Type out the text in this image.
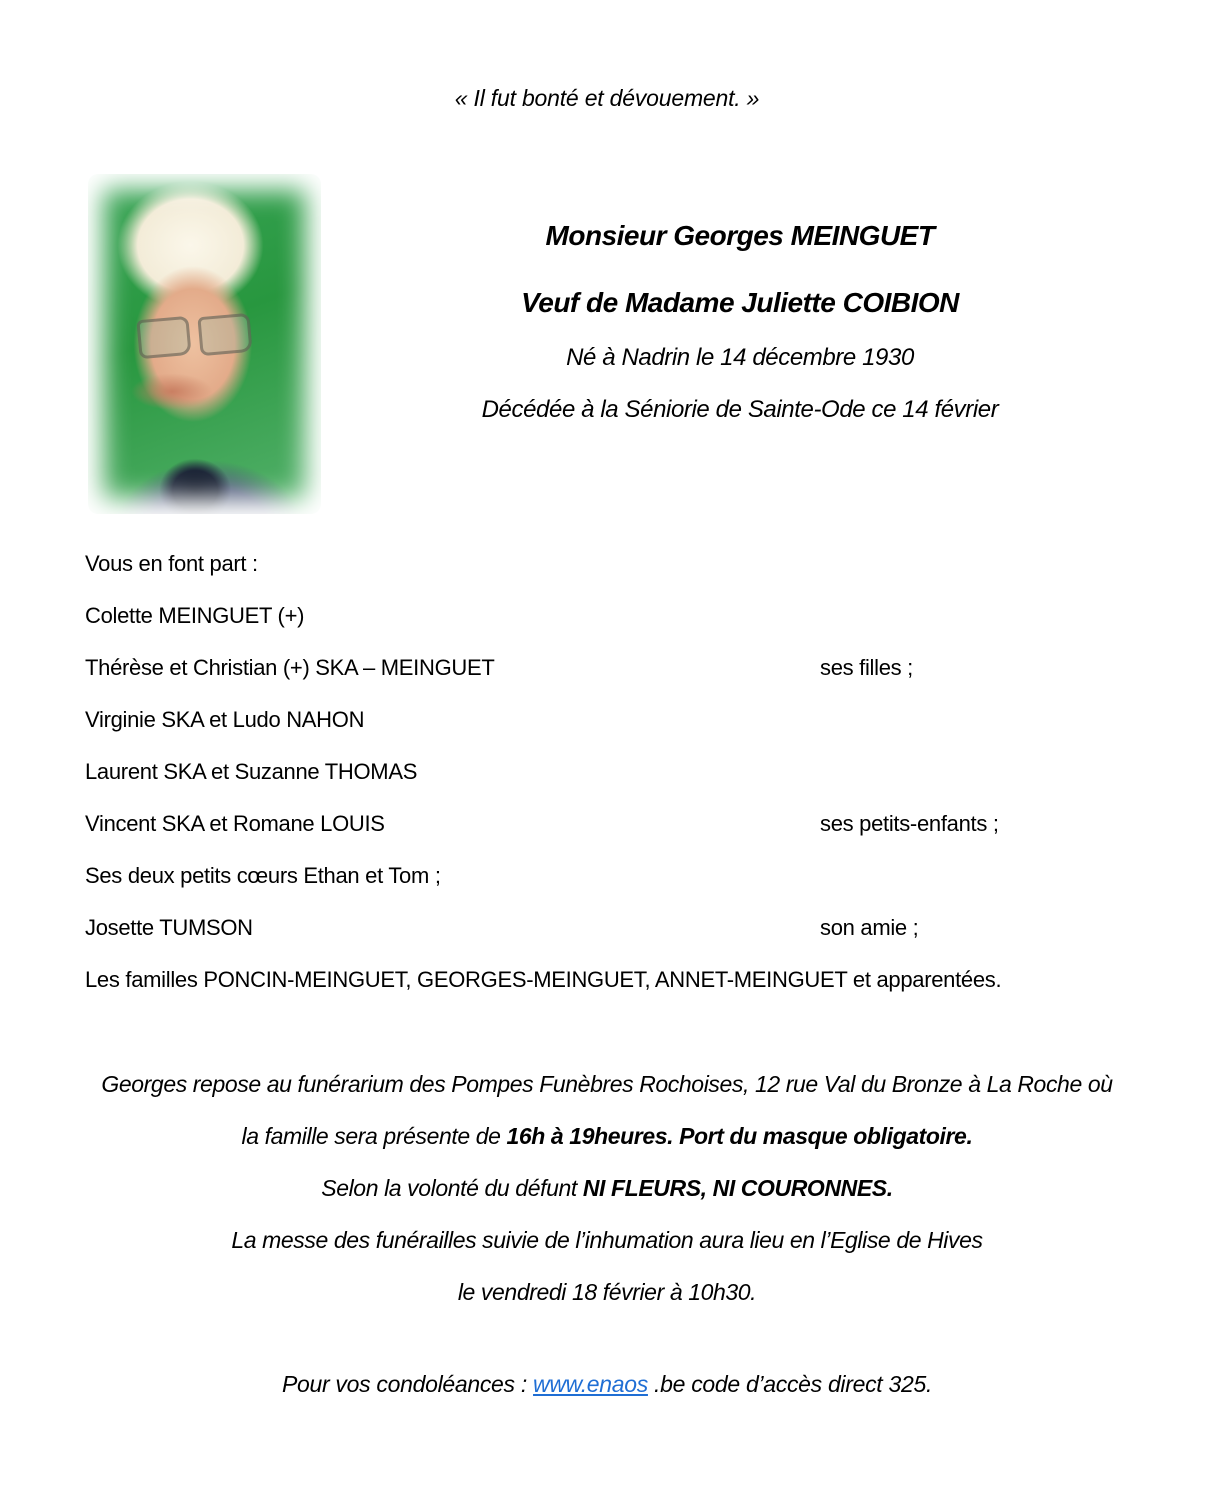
« Il fut bonté et dévouement. »
Monsieur Georges MEINGUET
Veuf de Madame Juliette COIBION
Né à Nadrin le 14 décembre 1930
Décédée à la Séniorie de Sainte-Ode ce 14 février
Vous en font part :
Colette MEINGUET (+)
Thérèse et Christian (+) SKA – MEINGUET	ses filles ;
Virginie SKA et Ludo NAHON
Laurent SKA et Suzanne THOMAS
Vincent SKA et Romane LOUIS	ses petits-enfants ;
Ses deux petits cœurs Ethan et Tom ;
Josette TUMSON	son amie ;
Les familles PONCIN-MEINGUET, GEORGES-MEINGUET, ANNET-MEINGUET et apparentées.
Georges repose au funérarium des Pompes Funèbres Rochoises, 12 rue Val du Bronze à La Roche où
la famille sera présente de 16h à 19heures. Port du masque obligatoire.
Selon la volonté du défunt NI FLEURS, NI COURONNES.
La messe des funérailles suivie de l’inhumation aura lieu en l’Eglise de Hives
le vendredi 18 février à 10h30.
Pour vos condoléances : www.enaos .be code d’accès direct 325.
